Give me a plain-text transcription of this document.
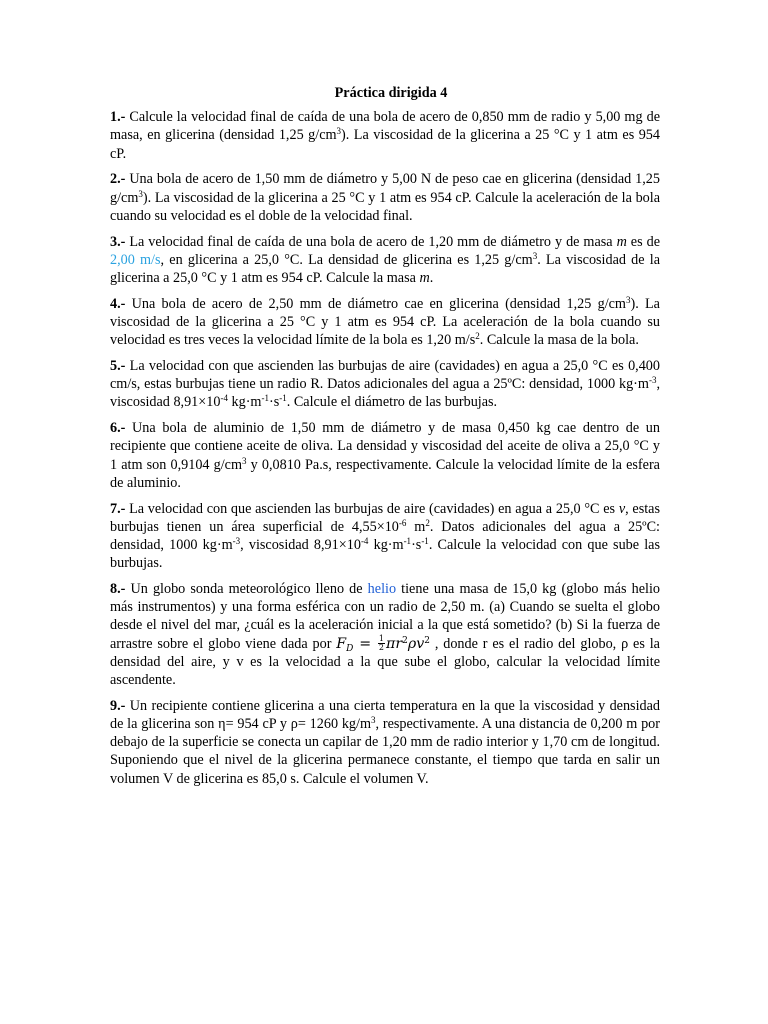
Práctica dirigida 4

1.- Calcule la velocidad final de caída de una bola de acero de 0,850 mm de radio y 5,00 mg de masa, en glicerina (densidad 1,25 $g/cm^3$). La viscosidad de la glicerina a 25 °C y 1 atm es 954 cP.

2.- Una bola de acero de 1,50 mm de diámetro y 5,00 N de peso cae en glicerina (densidad 1,25 $g/cm^3$). La viscosidad de la glicerina a 25 °C y 1 atm es 954 cP. Calcule la aceleración de la bola cuando su velocidad es el doble de la velocidad final.

3.- La velocidad final de caída de una bola de acero de 1,20 mm de diámetro y de masa m es de 2,00 m/s, en glicerina a 25,0 °C. La densidad de glicerina es 1,25 $g/cm^3$. La viscosidad de la glicerina a 25,0 °C y 1 atm es 954 cP. Calcule la masa m.

4.- Una bola de acero de 2,50 mm de diámetro cae en glicerina (densidad 1,25 $g/cm^3$). La viscosidad de la glicerina a 25 °C y 1 atm es 954 cP. La aceleración de la bola cuando su velocidad es tres veces la velocidad límite de la bola es 1,20 $m/s^2$. Calcule la masa de la bola.

5.- La velocidad con que ascienden las burbujas de aire (cavidades) en agua a 25,0 °C es 0,400 cm/s, estas burbujas tiene un radio R. Datos adicionales del agua a 25ºC: densidad, 1000 $kg\cdot m^{-3}$, viscosidad $8,91\times 10^{-4}$ $kg\cdot m^{-1}\cdot s^{-1}$. Calcule el diámetro de las burbujas.

6.- Una bola de aluminio de 1,50 mm de diámetro y de masa 0,450 kg cae dentro de un recipiente que contiene aceite de oliva. La densidad y viscosidad del aceite de oliva a 25,0 °C y 1 atm son 0,9104 $g/cm^3$ y 0,0810 Pa.s, respectivamente. Calcule la velocidad límite de la esfera de aluminio.

7.- La velocidad con que ascienden las burbujas de aire (cavidades) en agua a 25,0 °C es v, estas burbujas tienen un área superficial de $4,55\times 10^{-6}$ $m^2$. Datos adicionales del agua a 25ºC: densidad, 1000 $kg\cdot m^{-3}$, viscosidad $8,91\times 10^{-4}$ $kg\cdot m^{-1}\cdot s^{-1}$. Calcule la velocidad con que sube las burbujas.

8.- Un globo sonda meteorológico lleno de helio tiene una masa de 15,0 kg (globo más helio más instrumentos) y una forma esférica con un radio de 2,50 m. (a) Cuando se suelta el globo desde el nivel del mar, ¿cuál es la aceleración inicial a la que está sometido? (b) Si la fuerza de arrastre sobre el globo viene dada por $F_D = \frac{1}{2} \pi r^2\rho v^2$ , donde r es el radio del globo, ρ es la densidad del aire, y v es la velocidad a la que sube el globo, calcular la velocidad límite ascendente.

9.- Un recipiente contiene glicerina a una cierta temperatura en la que la viscosidad y densidad de la glicerina son η= 954 cP y ρ= 1260 $kg/m^3$, respectivamente. A una distancia de 0,200 m por debajo de la superficie se conecta un capilar de 1,20 mm de radio interior y 1,70 cm de longitud. Suponiendo que el nivel de la glicerina permanece constante, el tiempo que tarda en salir un volumen V de glicerina es 85,0 s. Calcule el volumen V.
